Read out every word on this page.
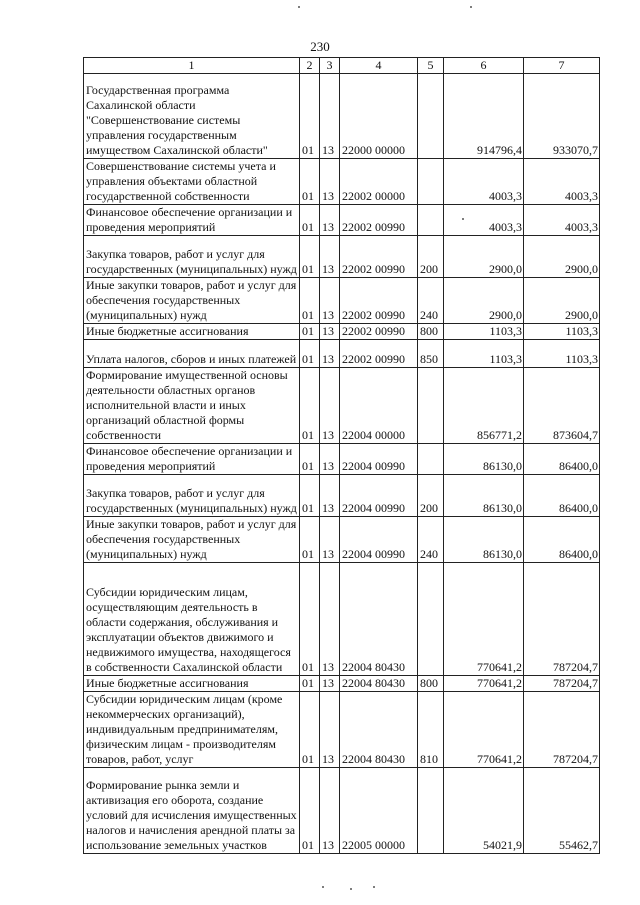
230
1	2	3	4	5	6	7
Государственная программа Сахалинской области "Совершенствование системы управления государственным имуществом Сахалинской области"	01	13	22000 00000		914796,4	933070,7
Совершенствование системы учета и управления объектами областной государственной собственности	01	13	22002 00000		4003,3	4003,3
Финансовое обеспечение организации и проведения мероприятий	01	13	22002 00990		4003,3	4003,3
Закупка товаров, работ и услуг для государственных (муниципальных) нужд	01	13	22002 00990	200	2900,0	2900,0
Иные закупки товаров, работ и услуг для обеспечения государственных (муниципальных) нужд	01	13	22002 00990	240	2900,0	2900,0
Иные бюджетные ассигнования	01	13	22002 00990	800	1103,3	1103,3
Уплата налогов, сборов и иных платежей	01	13	22002 00990	850	1103,3	1103,3
Формирование имущественной основы деятельности областных органов исполнительной власти и иных организаций областной формы собственности	01	13	22004 00000		856771,2	873604,7
Финансовое обеспечение организации и проведения мероприятий	01	13	22004 00990		86130,0	86400,0
Закупка товаров, работ и услуг для государственных (муниципальных) нужд	01	13	22004 00990	200	86130,0	86400,0
Иные закупки товаров, работ и услуг для обеспечения государственных (муниципальных) нужд	01	13	22004 00990	240	86130,0	86400,0
Субсидии юридическим лицам, осуществляющим деятельность в области содержания, обслуживания и эксплуатации объектов движимого и недвижимого имущества, находящегося в собственности Сахалинской области	01	13	22004 80430		770641,2	787204,7
Иные бюджетные ассигнования	01	13	22004 80430	800	770641,2	787204,7
Субсидии юридическим лицам (кроме некоммерческих организаций), индивидуальным предпринимателям, физическим лицам - производителям товаров, работ, услуг	01	13	22004 80430	810	770641,2	787204,7
Формирование рынка земли и активизация его оборота, создание условий для исчисления имущественных налогов и начисления арендной платы за использование земельных участков	01	13	22005 00000		54021,9	55462,7
